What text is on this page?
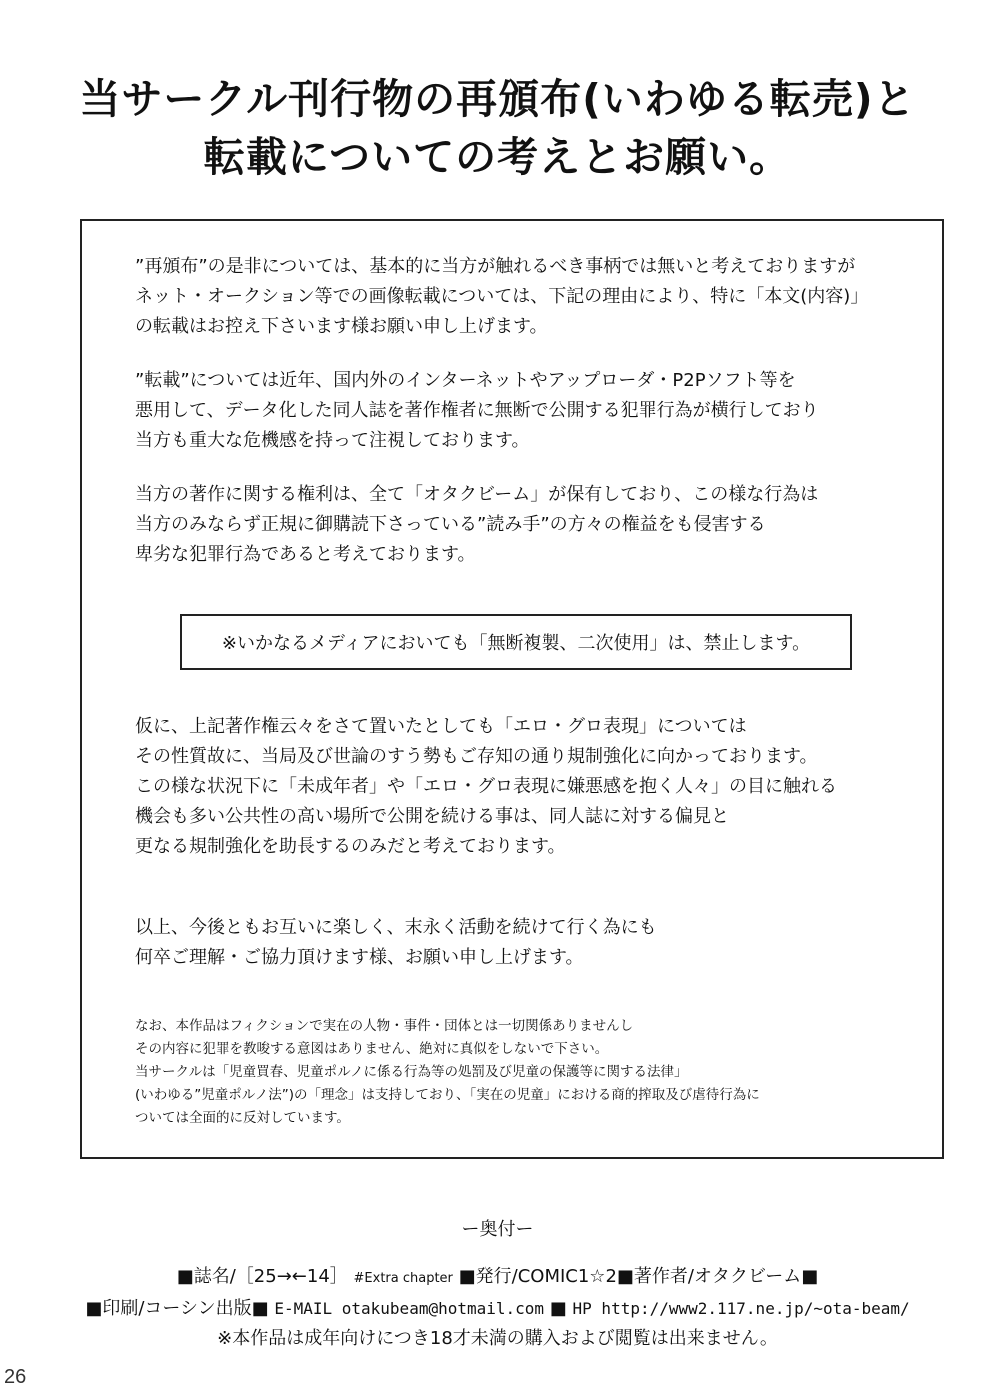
当サークル刊行物の再頒布(いわゆる転売)と
転載についての考えとお願い。
”再頒布”の是非については、基本的に当方が触れるべき事柄では無いと考えておりますが
ネット・オークション等での画像転載については、下記の理由により、特に「本文(内容)」
の転載はお控え下さいます様お願い申し上げます。
”転載”については近年、国内外のインターネットやアップローダ・P2Pソフト等を
悪用して、データ化した同人誌を著作権者に無断で公開する犯罪行為が横行しており
当方も重大な危機感を持って注視しております。
当方の著作に関する権利は、全て「オタクビーム」が保有しており、この様な行為は
当方のみならず正規に御購読下さっている”読み手”の方々の権益をも侵害する
卑劣な犯罪行為であると考えております。
※いかなるメディアにおいても「無断複製、二次使用」は、禁止します。
仮に、上記著作権云々をさて置いたとしても「エロ・グロ表現」については
その性質故に、当局及び世論のすう勢もご存知の通り規制強化に向かっております。
この様な状況下に「未成年者」や「エロ・グロ表現に嫌悪感を抱く人々」の目に触れる
機会も多い公共性の高い場所で公開を続ける事は、同人誌に対する偏見と
更なる規制強化を助長するのみだと考えております。
以上、今後ともお互いに楽しく、末永く活動を続けて行く為にも
何卒ご理解・ご協力頂けます様、お願い申し上げます。
なお、本作品はフィクションで実在の人物・事件・団体とは一切関係ありませんし
その内容に犯罪を教唆する意図はありません、絶対に真似をしないで下さい。
当サークルは「児童買春、児童ポルノに係る行為等の処罰及び児童の保護等に関する法律」
(いわゆる”児童ポルノ法”)の「理念」は支持しており、「実在の児童」における商的搾取及び虐待行為に
ついては全面的に反対しています。
ー奥付ー
■誌名/［25→←14］ #Extra chapter ■発行/COMIC1☆2■著作者/オタクビーム■
■印刷/コーシン出版■ E-MAIL otakubeam@hotmail.com ■ HP http://www2.117.ne.jp/~ota-beam/
※本作品は成年向けにつき18才未満の購入および閲覧は出来ません。
26
